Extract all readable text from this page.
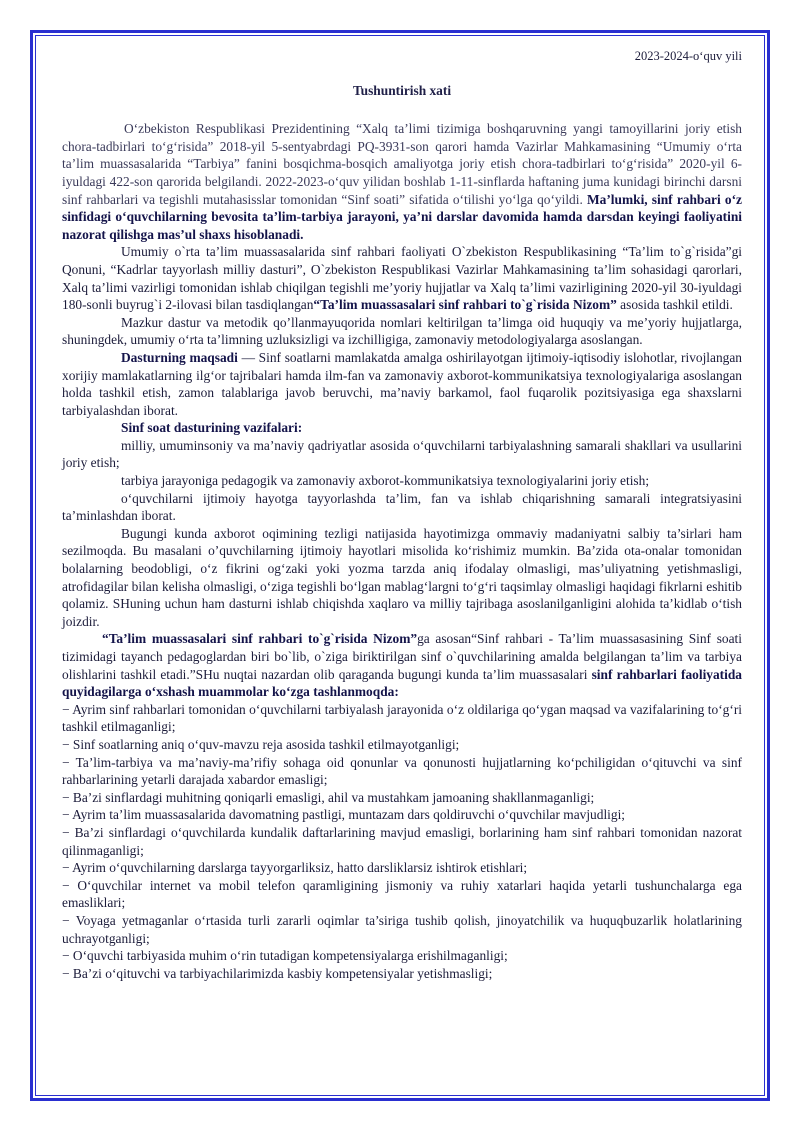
2023-2024-o‘quv yili
Tushuntirish xati

O‘zbekiston Respublikasi Prezidentining “Xalq ta’limi tizimiga boshqaruvning yangi tamoyillarini joriy etish chora-tadbirlari to‘g‘risida” 2018-yil 5-sentyabrdagi PQ-3931-son qarori hamda Vazirlar Mahkamasining “Umumiy o‘rta ta’lim muassasalarida “Tarbiya” fanini bosqichma-bosqich amaliyotga joriy etish chora-tadbirlari to‘g‘risida” 2020-yil 6-iyuldagi 422-son qarorida belgilandi. 2022-2023-o‘quv yilidan boshlab 1-11-sinflarda haftaning juma kunidagi birinchi darsni sinf rahbarlari va tegishli mutahasisslar tomonidan “Sinf soati” sifatida o‘tilishi yo‘lga qo‘yildi. Ma’lumki, sinf rahbari o‘z sinfidagi o‘quvchilarning bevosita ta’lim-tarbiya jarayoni, ya’ni darslar davomida hamda darsdan keyingi faoliyatini nazorat qilishga mas’ul shaxs hisoblanadi.

Umumiy o`rta ta’lim muassasalarida sinf rahbari faoliyati O`zbekiston Respublikasining “Ta’lim to`g`risida”gi Qonuni, “Kadrlar tayyorlash milliy dasturi”, O`zbekiston Respublikasi Vazirlar Mahkamasining ta’lim sohasidagi qarorlari, Xalq ta’limi vazirligi tomonidan ishlab chiqilgan tegishli me’yoriy hujjatlar va Xalq ta’limi vazirligining 2020-yil 30-iyuldagi 180-sonli buyrug`i 2-ilovasi bilan tasdiqlangan“Ta’lim muassasalari sinf rahbari to`g`risida Nizom” asosida tashkil etildi.

Mazkur dastur va metodik qo’llanmayuqorida nomlari keltirilgan ta’limga oid huquqiy va me’yoriy hujjatlarga, shuningdek, umumiy o‘rta ta’limning uzluksizligi va izchilligiga, zamonaviy metodologiyalarga asoslangan.

Dasturning maqsadi — Sinf soatlarni mamlakatda amalga oshirilayotgan ijtimoiy-iqtisodiy islohotlar, rivojlangan xorijiy mamlakatlarning ilg‘or tajribalari hamda ilm-fan va zamonaviy axborot-kommunikatsiya texnologiyalariga asoslangan holda tashkil etish, zamon talablariga javob beruvchi, ma’naviy barkamol, faol fuqarolik pozitsiyasiga ega shaxslarni tarbiyalashdan iborat.

Sinf soat dasturining vazifalari:

milliy, umuminsoniy va ma’naviy qadriyatlar asosida o‘quvchilarni tarbiyalashning samarali shakllari va usullarini joriy etish;

tarbiya jarayoniga pedagogik va zamonaviy axborot-kommunikatsiya texnologiyalarini joriy etish;

o‘quvchilarni ijtimoiy hayotga tayyorlashda ta’lim, fan va ishlab chiqarishning samarali integratsiyasini ta’minlashdan iborat.

Bugungi kunda axborot oqimining tezligi natijasida hayotimizga ommaviy madaniyatni salbiy ta’sirlari ham sezilmoqda. Bu masalani o’quvchilarning ijtimoiy hayotlari misolida ko‘rishimiz mumkin. Ba’zida ota-onalar tomonidan bolalarning beodobligi, o‘z fikrini og‘zaki yoki yozma tarzda aniq ifodalay olmasligi, mas’uliyatning yetishmasligi, atrofidagilar bilan kelisha olmasligi, o‘ziga tegishli bo‘lgan mablag‘largni to‘g‘ri taqsimlay olmasligi haqidagi fikrlarni eshitib qolamiz. SHuning uchun ham dasturni ishlab chiqishda xaqlaro va milliy tajribaga asoslanilganligini alohida ta’kidlab o‘tish joizdir.

“Ta’lim muassasalari sinf rahbari to`g`risida Nizom”ga asosan“Sinf rahbari - Ta’lim muassasasining Sinf soati tizimidagi tayanch pedagoglardan biri bo`lib, o`ziga biriktirilgan sinf o`quvchilarining amalda belgilangan ta’lim va tarbiya olishlarini tashkil etadi.”SHu nuqtai nazardan olib qaraganda bugungi kunda ta’lim muassasalari sinf rahbarlari faoliyatida quyidagilarga o‘xshash muammolar ko‘zga tashlanmoqda:

− Ayrim sinf rahbarlari tomonidan o‘quvchilarni tarbiyalash jarayonida o‘z oldilariga qo‘ygan maqsad va vazifalarining to‘g‘ri tashkil etilmaganligi;

− Sinf soatlarning aniq o‘quv-mavzu reja asosida tashkil etilmayotganligi;

− Ta’lim-tarbiya va ma’naviy-ma’rifiy sohaga oid qonunlar va qonunosti hujjatlarning ko‘pchiligidan o‘qituvchi va sinf rahbarlarining yetarli darajada xabardor emasligi;

− Ba’zi sinflardagi muhitning qoniqarli emasligi, ahil va mustahkam jamoaning shakllanmaganligi;

− Ayrim ta’lim muassasalarida davomatning pastligi, muntazam dars qoldiruvchi o‘quvchilar mavjudligi;

− Ba’zi sinflardagi o‘quvchilarda kundalik daftarlarining mavjud emasligi, borlarining ham sinf rahbari tomonidan nazorat qilinmaganligi;

− Ayrim o‘quvchilarning darslarga tayyorgarliksiz, hatto darsliklarsiz ishtirok etishlari;

− O‘quvchilar internet va mobil telefon qaramligining jismoniy va ruhiy xatarlari haqida yetarli tushunchalarga ega emasliklari;

− Voyaga yetmaganlar o‘rtasida turli zararli oqimlar ta’siriga tushib qolish, jinoyatchilik va huquqbuzarlik holatlarining uchrayotganligi;

− O‘quvchi tarbiyasida muhim o‘rin tutadigan kompetensiyalarga erishilmaganligi;

− Ba’zi o‘qituvchi va tarbiyachilarimizda kasbiy kompetensiyalar yetishmasligi;
